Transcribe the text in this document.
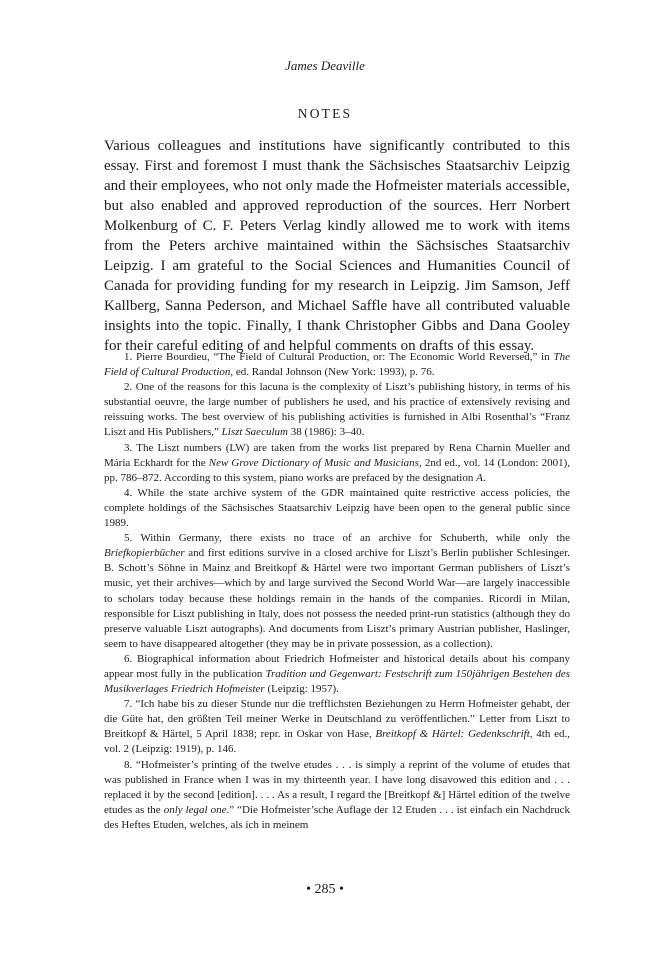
James Deaville
NOTES

Various colleagues and institutions have significantly contributed to this essay. First and foremost I must thank the Sächsisches Staatsarchiv Leipzig and their employees, who not only made the Hofmeister materials accessible, but also enabled and approved reproduction of the sources. Herr Norbert Molkenburg of C. F. Peters Verlag kindly allowed me to work with items from the Peters archive maintained within the Sächsisches Staatsarchiv Leipzig. I am grateful to the Social Sciences and Humanities Council of Canada for providing funding for my research in Leipzig. Jim Samson, Jeff Kallberg, Sanna Pederson, and Michael Saffle have all contributed valuable insights into the topic. Finally, I thank Christopher Gibbs and Dana Gooley for their careful editing of and helpful comments on drafts of this essay.

1. Pierre Bourdieu, “The Field of Cultural Production, or: The Economic World Reversed,” in The Field of Cultural Production, ed. Randal Johnson (New York: 1993), p. 76.

2. One of the reasons for this lacuna is the complexity of Liszt’s publishing history, in terms of his substantial oeuvre, the large number of publishers he used, and his practice of extensively revising and reissuing works. The best overview of his publishing activities is furnished in Albi Rosenthal’s “Franz Liszt and His Publishers,” Liszt Saeculum 38 (1986): 3–40.

3. The Liszt numbers (LW) are taken from the works list prepared by Rena Charnin Mueller and Mária Eckhardt for the New Grove Dictionary of Music and Musicians, 2nd ed., vol. 14 (London: 2001), pp. 786–872. According to this system, piano works are prefaced by the designation A.

4. While the state archive system of the GDR maintained quite restrictive access policies, the complete holdings of the Sächsisches Staatsarchiv Leipzig have been open to the general public since 1989.

5. Within Germany, there exists no trace of an archive for Schuberth, while only the Briefkopierbücher and first editions survive in a closed archive for Liszt’s Berlin publisher Schlesinger. B. Schott’s Söhne in Mainz and Breitkopf & Härtel were two important German publishers of Liszt’s music, yet their archives—which by and large survived the Second World War—are largely inaccessible to scholars today because these holdings remain in the hands of the companies. Ricordi in Milan, responsible for Liszt publishing in Italy, does not possess the needed print-run statistics (although they do preserve valuable Liszt autographs). And documents from Liszt’s primary Austrian publisher, Haslinger, seem to have disappeared altogether (they may be in private possession, as a collection).

6. Biographical information about Friedrich Hofmeister and historical details about his company appear most fully in the publication Tradition und Gegenwart: Festschrift zum 150jährigen Bestehen des Musikverlages Friedrich Hofmeister (Leipzig: 1957).

7. “Ich habe bis zu dieser Stunde nur die trefflichsten Beziehungen zu Herrn Hofmeister gehabt, der die Güte hat, den größten Teil meiner Werke in Deutschland zu veröffentlichen.” Letter from Liszt to Breitkopf & Härtel, 5 April 1838; repr. in Oskar von Hase, Breitkopf & Härtel: Gedenkschrift, 4th ed., vol. 2 (Leipzig: 1919), p. 146.

8. “Hofmeister’s printing of the twelve etudes . . . is simply a reprint of the volume of etudes that was published in France when I was in my thirteenth year. I have long disavowed this edition and . . . replaced it by the second [edition]. . . . As a result, I regard the [Breitkopf &] Härtel edition of the twelve etudes as the only legal one.” “Die Hofmeister’sche Auflage der 12 Etuden . . . ist einfach ein Nachdruck des Heftes Etuden, welches, als ich in meinem

• 285 •
